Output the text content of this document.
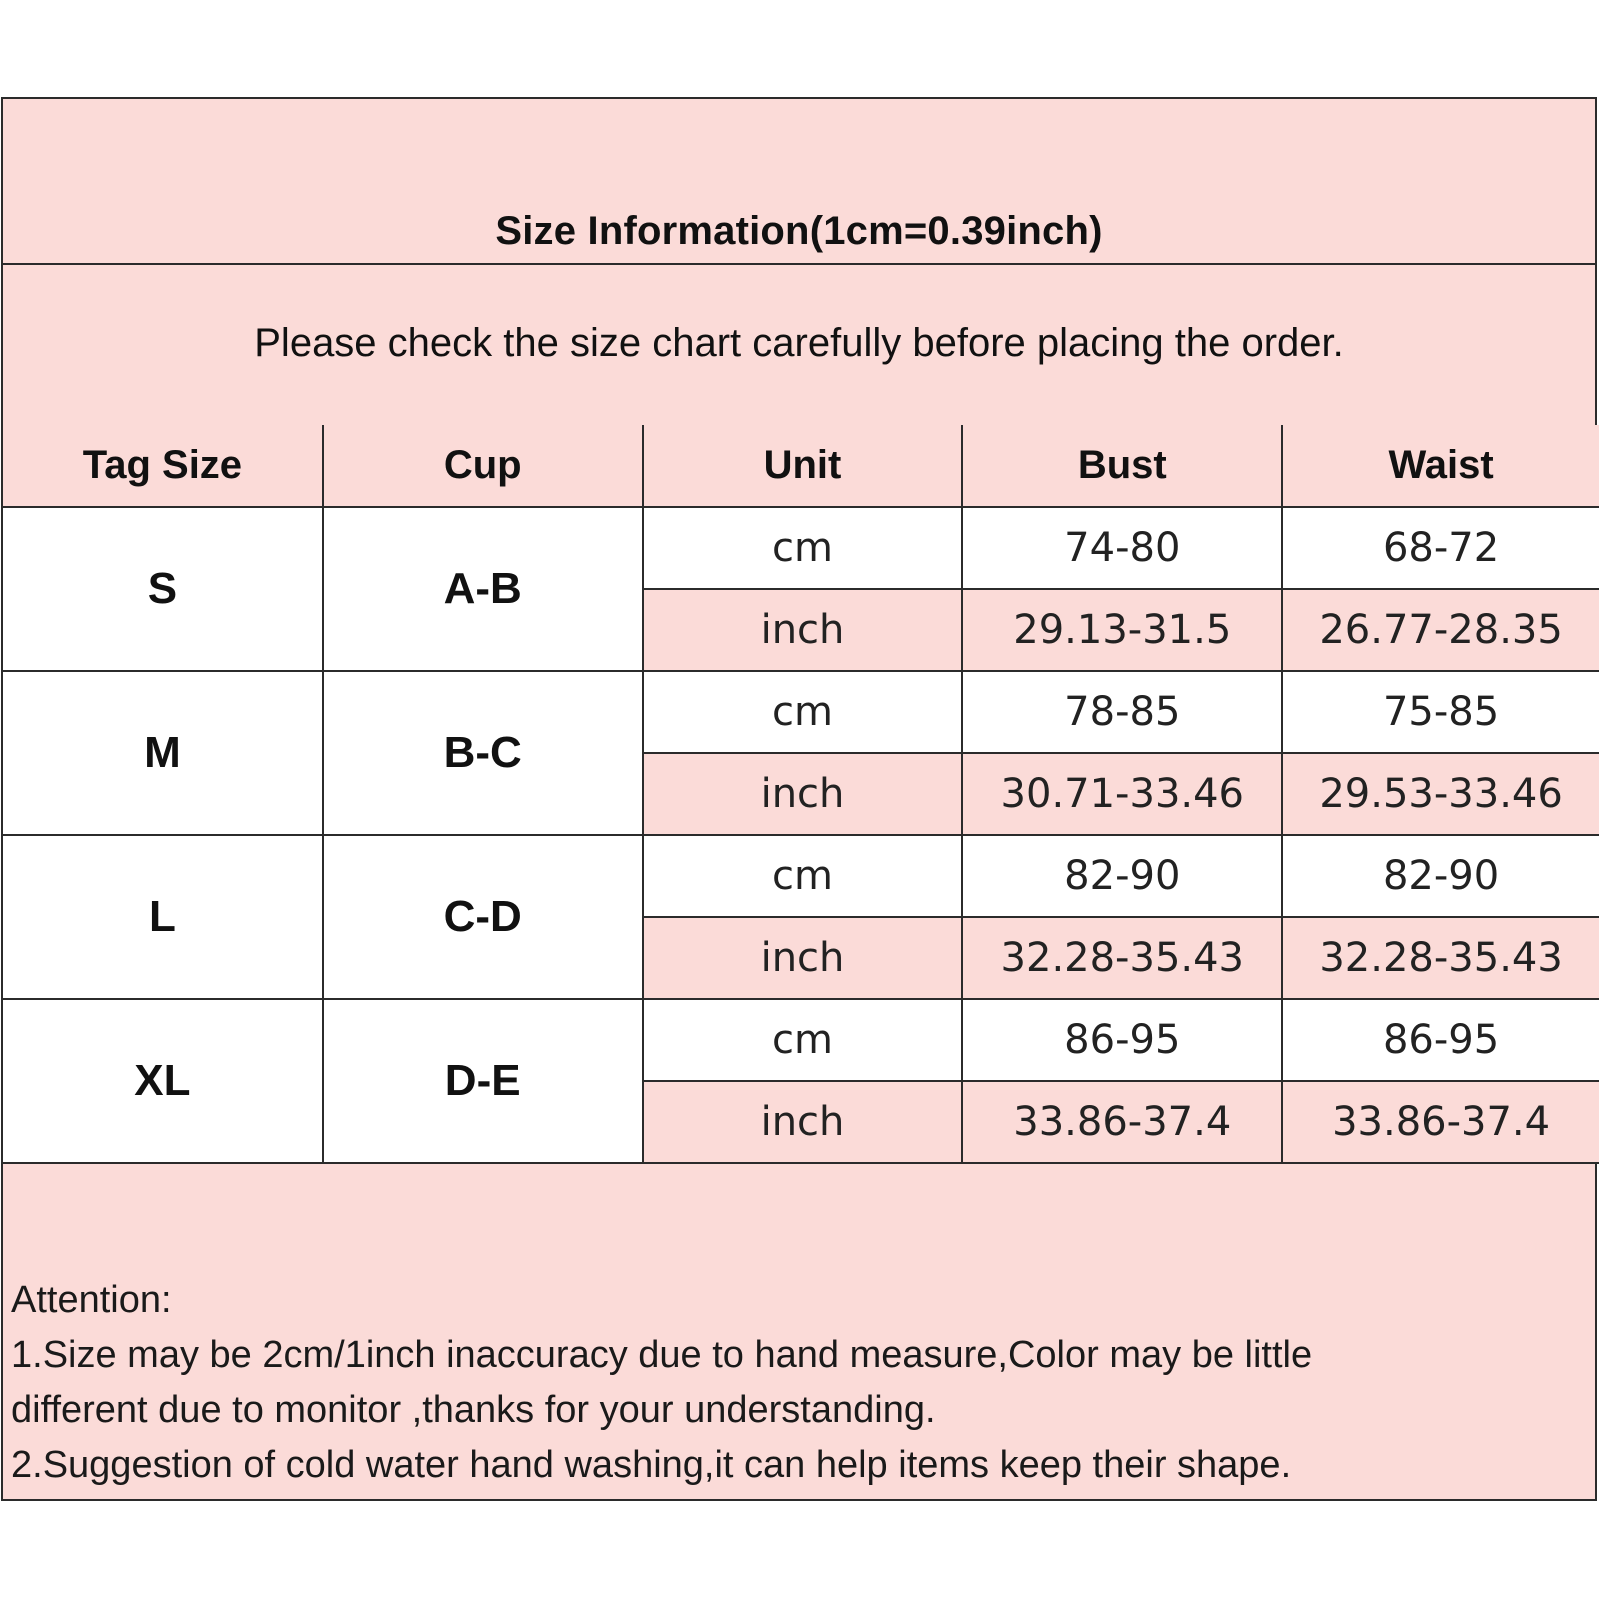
Size Information(1cm=0.39inch)
Please check the size chart carefully before placing the order.
Tag Size	Cup	Unit	Bust	Waist
S	A-B	cm	74-80	68-72
		inch	29.13-31.5	26.77-28.35
M	B-C	cm	78-85	75-85
		inch	30.71-33.46	29.53-33.46
L	C-D	cm	82-90	82-90
		inch	32.28-35.43	32.28-35.43
XL	D-E	cm	86-95	86-95
		inch	33.86-37.4	33.86-37.4
Attention:
1.Size may be 2cm/1inch inaccuracy due to hand measure,Color may be little
different due to monitor ,thanks for your understanding.
2.Suggestion of cold water hand washing,it can help items keep their shape.
